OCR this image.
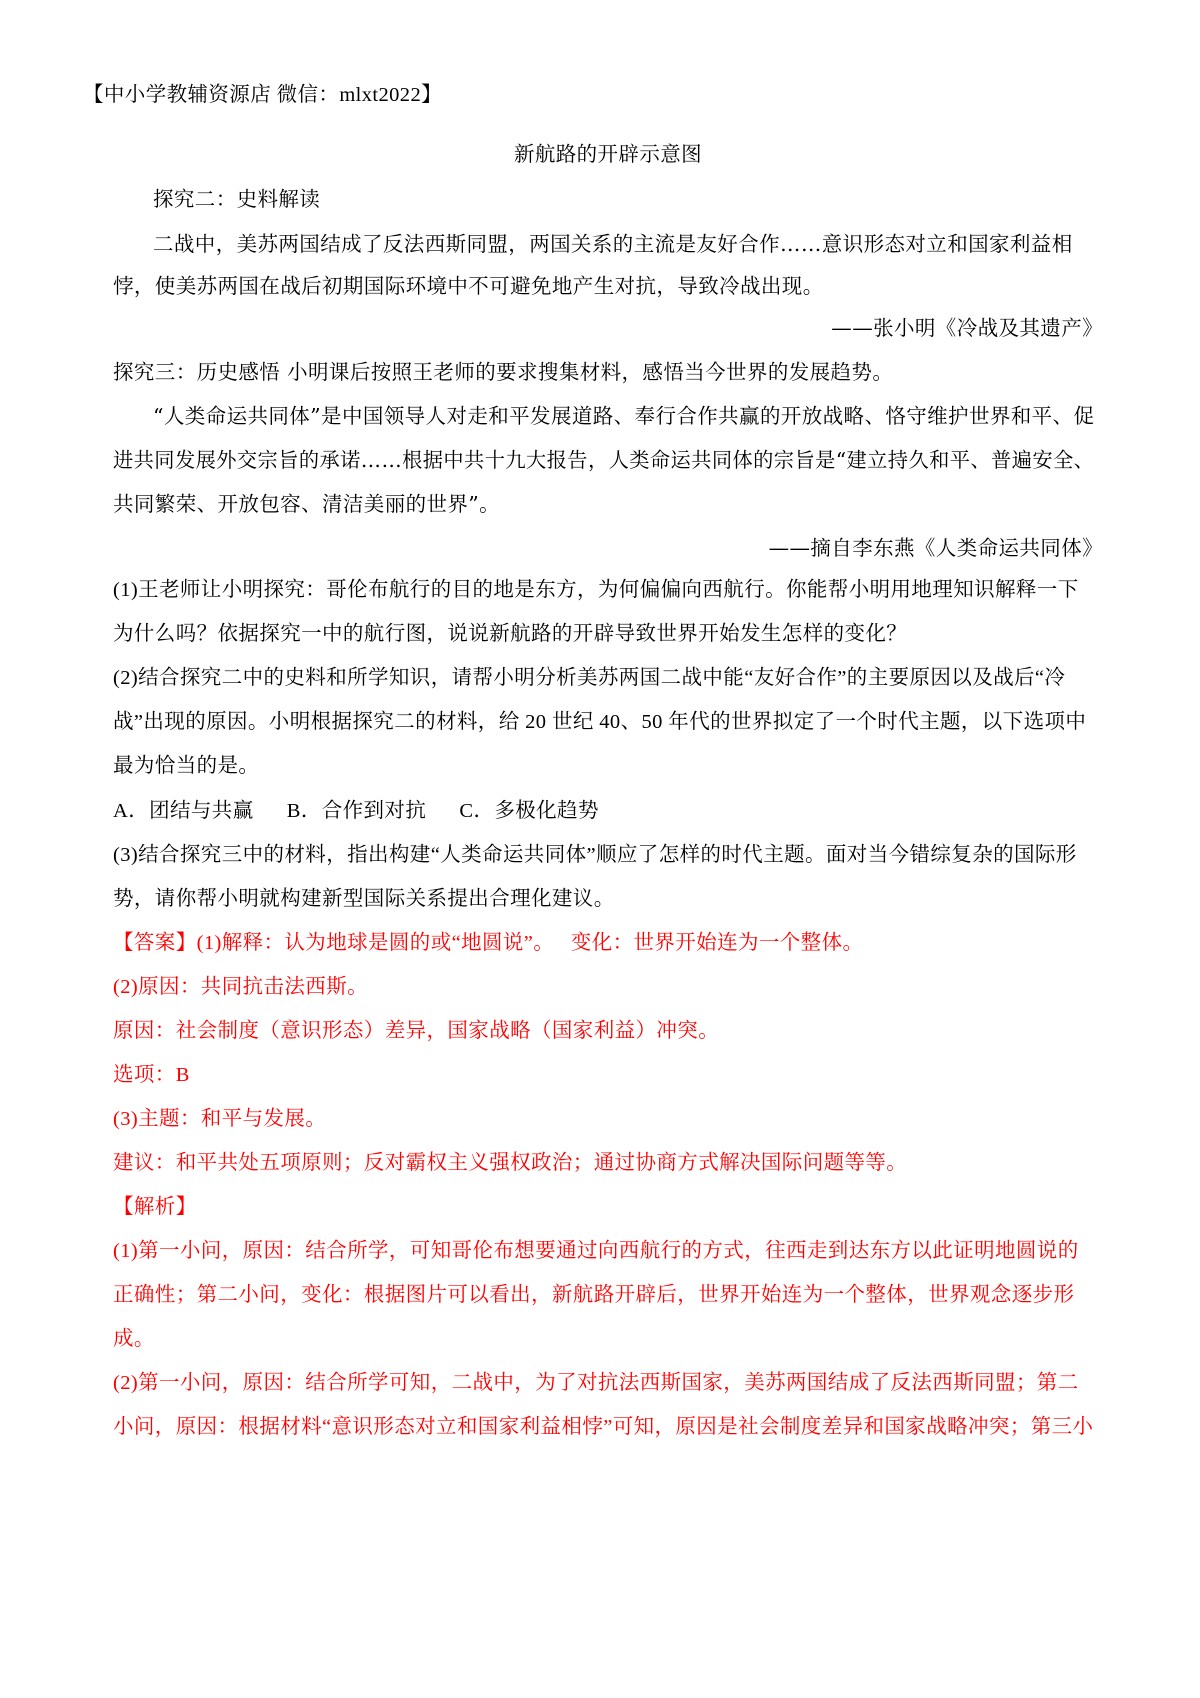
【中小学教辅资源店 微信：mlxt2022】
新航路的开辟示意图
探究二：史料解读
二战中，美苏两国结成了反法西斯同盟，两国关系的主流是友好合作……意识形态对立和国家利益相
悖，使美苏两国在战后初期国际环境中不可避免地产生对抗，导致冷战出现。
——张小明《冷战及其遗产》
探究三：历史感悟 小明课后按照王老师的要求搜集材料，感悟当今世界的发展趋势。
“人类命运共同体”是中国领导人对走和平发展道路、奉行合作共赢的开放战略、恪守维护世界和平、促
进共同发展外交宗旨的承诺……根据中共十九大报告，人类命运共同体的宗旨是“建立持久和平、普遍安全、
共同繁荣、开放包容、清洁美丽的世界”。
——摘自李东燕《人类命运共同体》
(1)王老师让小明探究：哥伦布航行的目的地是东方，为何偏偏向西航行。你能帮小明用地理知识解释一下
为什么吗？依据探究一中的航行图，说说新航路的开辟导致世界开始发生怎样的变化？
(2)结合探究二中的史料和所学知识，请帮小明分析美苏两国二战中能“友好合作”的主要原因以及战后“冷
战”出现的原因。小明根据探究二的材料，给 20 世纪 40、50 年代的世界拟定了一个时代主题，以下选项中
最为恰当的是。
A．团结与共赢      B．合作到对抗      C．多极化趋势
(3)结合探究三中的材料，指出构建“人类命运共同体”顺应了怎样的时代主题。面对当今错综复杂的国际形
势，请你帮小明就构建新型国际关系提出合理化建议。
【答案】(1)解释：认为地球是圆的或“地圆说”。   变化：世界开始连为一个整体。
(2)原因：共同抗击法西斯。
原因：社会制度（意识形态）差异，国家战略（国家利益）冲突。
选项：B
(3)主题：和平与发展。
建议：和平共处五项原则；反对霸权主义强权政治；通过协商方式解决国际问题等等。
【解析】
(1)第一小问，原因：结合所学，可知哥伦布想要通过向西航行的方式，往西走到达东方以此证明地圆说的
正确性；第二小问，变化：根据图片可以看出，新航路开辟后，世界开始连为一个整体，世界观念逐步形
成。
(2)第一小问，原因：结合所学可知，二战中，为了对抗法西斯国家，美苏两国结成了反法西斯同盟；第二
小问，原因：根据材料“意识形态对立和国家利益相悖”可知，原因是社会制度差异和国家战略冲突；第三小
